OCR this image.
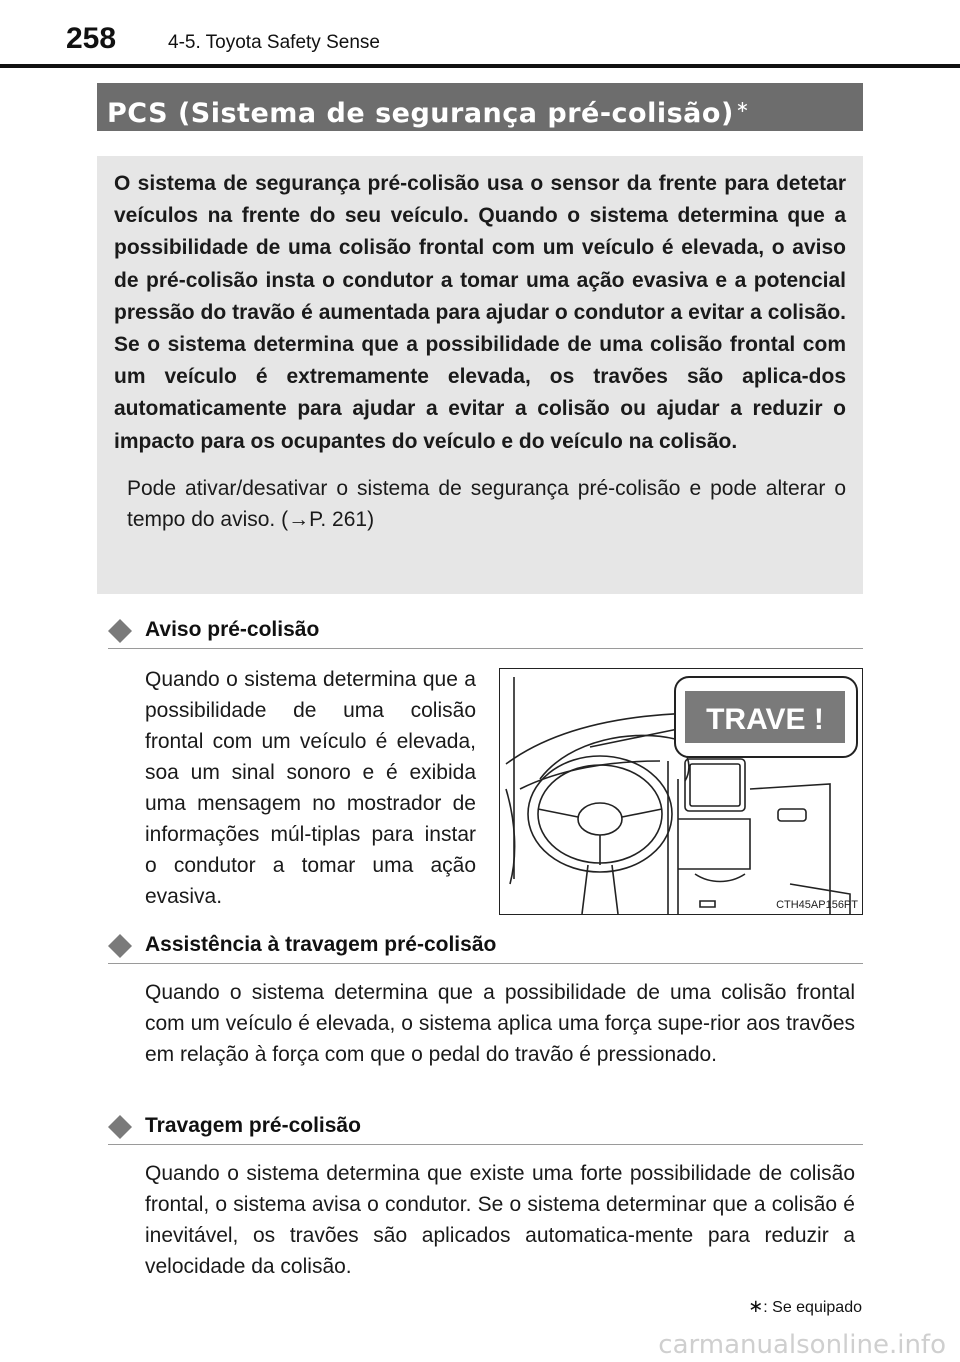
258	4-5. Toyota Safety Sense
PCS (Sistema de segurança pré-colisão) ∗

O sistema de segurança pré-colisão usa o sensor da frente para detetar veículos na frente do seu veículo. Quando o sistema determina que a possibilidade de uma colisão frontal com um veículo é elevada, o aviso de pré-colisão insta o condutor a tomar uma ação evasiva e a potencial pressão do travão é aumentada para ajudar o condutor a evitar a colisão. Se o sistema determina que a possibilidade de uma colisão frontal com um veículo é extremamente elevada, os travões são aplica-dos automaticamente para ajudar a evitar a colisão ou ajudar a reduzir o impacto para os ocupantes do veículo e do veículo na colisão.

Pode ativar/desativar o sistema de segurança pré-colisão e pode alterar o tempo do aviso. (→P. 261)

Aviso pré-colisão

Quando o sistema determina que a possibilidade de uma colisão frontal com um veículo é elevada, soa um sinal sonoro e é exibida uma mensagem no mostrador de informações múl-tiplas para instar o condutor a tomar uma ação evasiva.

TRAVE !
CTH45AP156PT
Assistência à travagem pré-colisão

Quando o sistema determina que a possibilidade de uma colisão frontal com um veículo é elevada, o sistema aplica uma força supe-rior aos travões em relação à força com que o pedal do travão é pressionado.

Travagem pré-colisão

Quando o sistema determina que existe uma forte possibilidade de colisão frontal, o sistema avisa o condutor. Se o sistema determinar que a colisão é inevitável, os travões são aplicados automatica-mente para reduzir a velocidade da colisão.

∗: Se equipado
carmanualsonline.info
